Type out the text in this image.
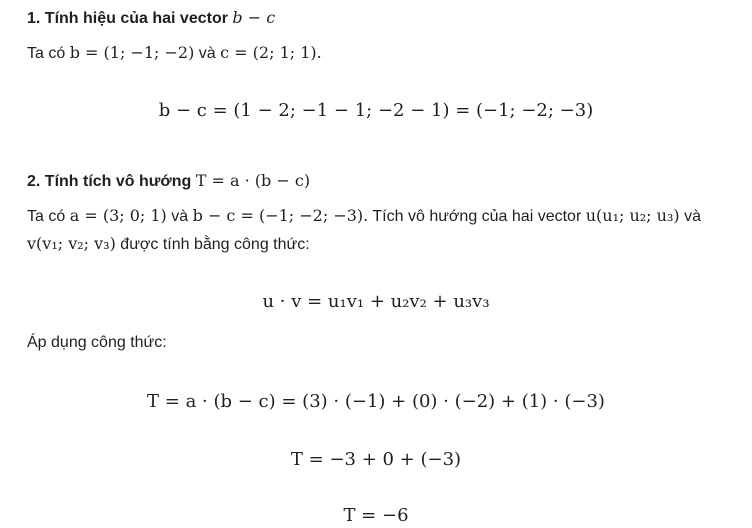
1. Tính hiệu của hai vector b − c
Ta có b = (1; −1; −2) và c = (2; 1; 1).
b − c = (1 − 2; −1 − 1; −2 − 1) = (−1; −2; −3)
2. Tính tích vô hướng T = a · (b − c)
Ta có a = (3; 0; 1) và b − c = (−1; −2; −3). Tích vô hướng của hai vector u(u₁; u₂; u₃) và
v(v₁; v₂; v₃) được tính bằng công thức:
u · v = u₁v₁ + u₂v₂ + u₃v₃
Áp dụng công thức:
T = a · (b − c) = (3) · (−1) + (0) · (−2) + (1) · (−3)
T = −3 + 0 + (−3)
T = −6
